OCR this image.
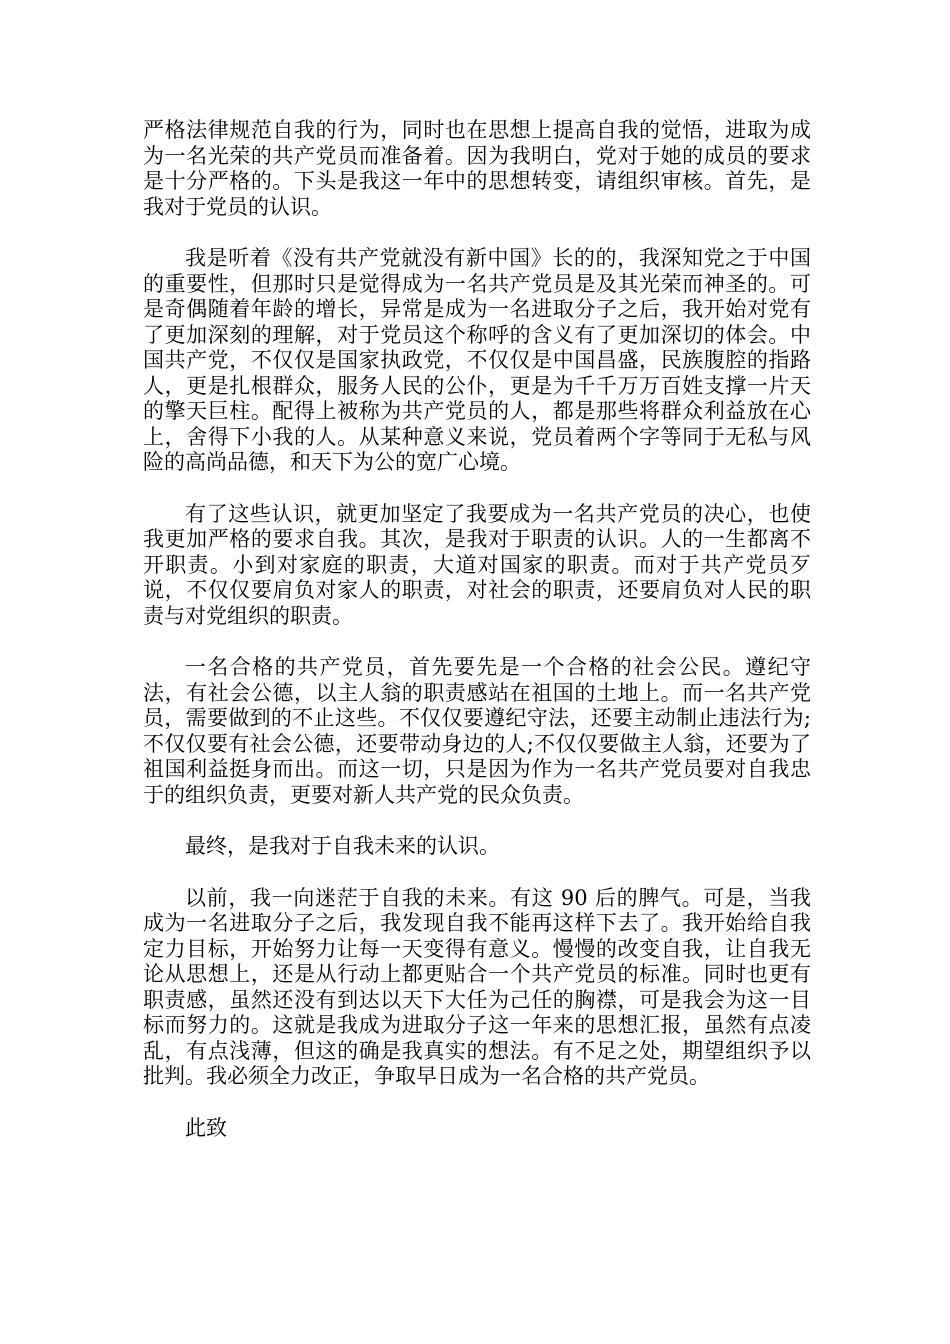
严格法律规范自我的行为，同时也在思想上提高自我的觉悟，进取为成为一名光荣的共产党员而准备着。因为我明白，党对于她的成员的要求是十分严格的。下头是我这一年中的思想转变，请组织审核。首先，是我对于党员的认识。

我是听着《没有共产党就没有新中国》长的的，我深知党之于中国的重要性，但那时只是觉得成为一名共产党员是及其光荣而神圣的。可是奇偶随着年龄的增长，异常是成为一名进取分子之后，我开始对党有了更加深刻的理解，对于党员这个称呼的含义有了更加深切的体会。中国共产党，不仅仅是国家执政党，不仅仅是中国昌盛，民族腹腔的指路人，更是扎根群众，服务人民的公仆，更是为千千万万百姓支撑一片天的擎天巨柱。配得上被称为共产党员的人，都是那些将群众利益放在心上，舍得下小我的人。从某种意义来说，党员着两个字等同于无私与风险的高尚品德，和天下为公的宽广心境。

有了这些认识，就更加坚定了我要成为一名共产党员的决心，也使我更加严格的要求自我。其次，是我对于职责的认识。人的一生都离不开职责。小到对家庭的职责，大道对国家的职责。而对于共产党员歹说，不仅仅要肩负对家人的职责，对社会的职责，还要肩负对人民的职责与对党组织的职责。

一名合格的共产党员，首先要先是一个合格的社会公民。遵纪守法，有社会公德，以主人翁的职责感站在祖国的土地上。而一名共产党员，需要做到的不止这些。不仅仅要遵纪守法，还要主动制止违法行为;不仅仅要有社会公德，还要带动身边的人;不仅仅要做主人翁，还要为了祖国利益挺身而出。而这一切，只是因为作为一名共产党员要对自我忠于的组织负责，更要对新人共产党的民众负责。

最终，是我对于自我未来的认识。

以前，我一向迷茫于自我的未来。有这 90 后的脾气。可是，当我成为一名进取分子之后，我发现自我不能再这样下去了。我开始给自我定力目标，开始努力让每一天变得有意义。慢慢的改变自我，让自我无论从思想上，还是从行动上都更贴合一个共产党员的标准。同时也更有职责感，虽然还没有到达以天下大任为己任的胸襟，可是我会为这一目标而努力的。这就是我成为进取分子这一年来的思想汇报，虽然有点凌乱，有点浅薄，但这的确是我真实的想法。有不足之处，期望组织予以批判。我必须全力改正，争取早日成为一名合格的共产党员。

此致
